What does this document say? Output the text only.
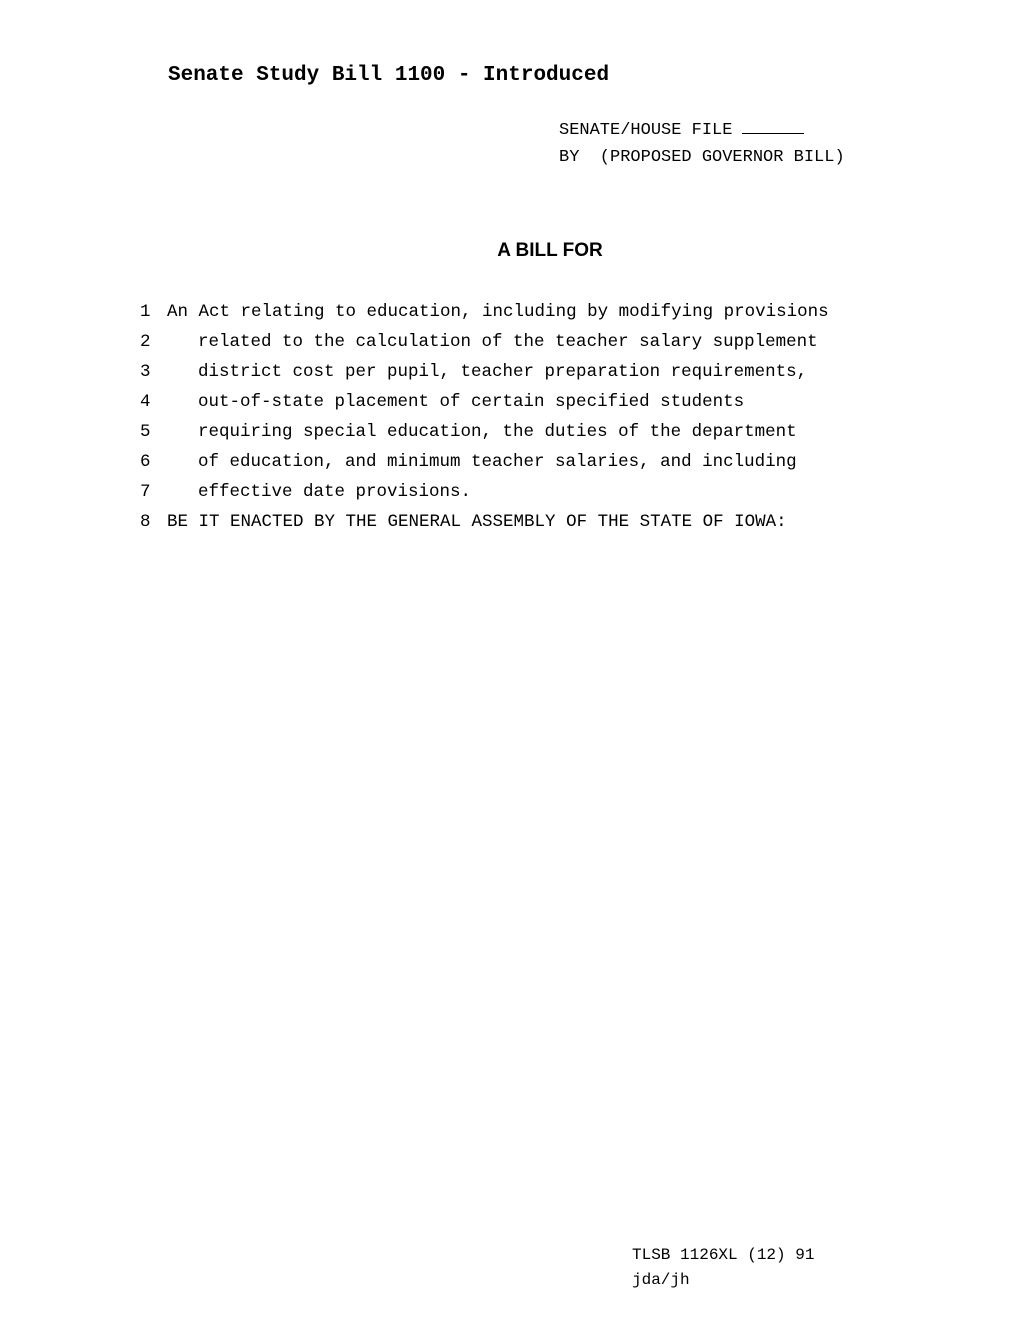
Senate Study Bill 1100 - Introduced
SENATE/HOUSE FILE
BY  (PROPOSED GOVERNOR BILL)
A BILL FOR
1 An Act relating to education, including by modifying provisions
2	related to the calculation of the teacher salary supplement
3	district cost per pupil, teacher preparation requirements,
4	out-of-state placement of certain specified students
5	requiring special education, the duties of the department
6	of education, and minimum teacher salaries, and including
7	effective date provisions.
8 BE IT ENACTED BY THE GENERAL ASSEMBLY OF THE STATE OF IOWA:
TLSB 1126XL (12) 91
jda/jh
